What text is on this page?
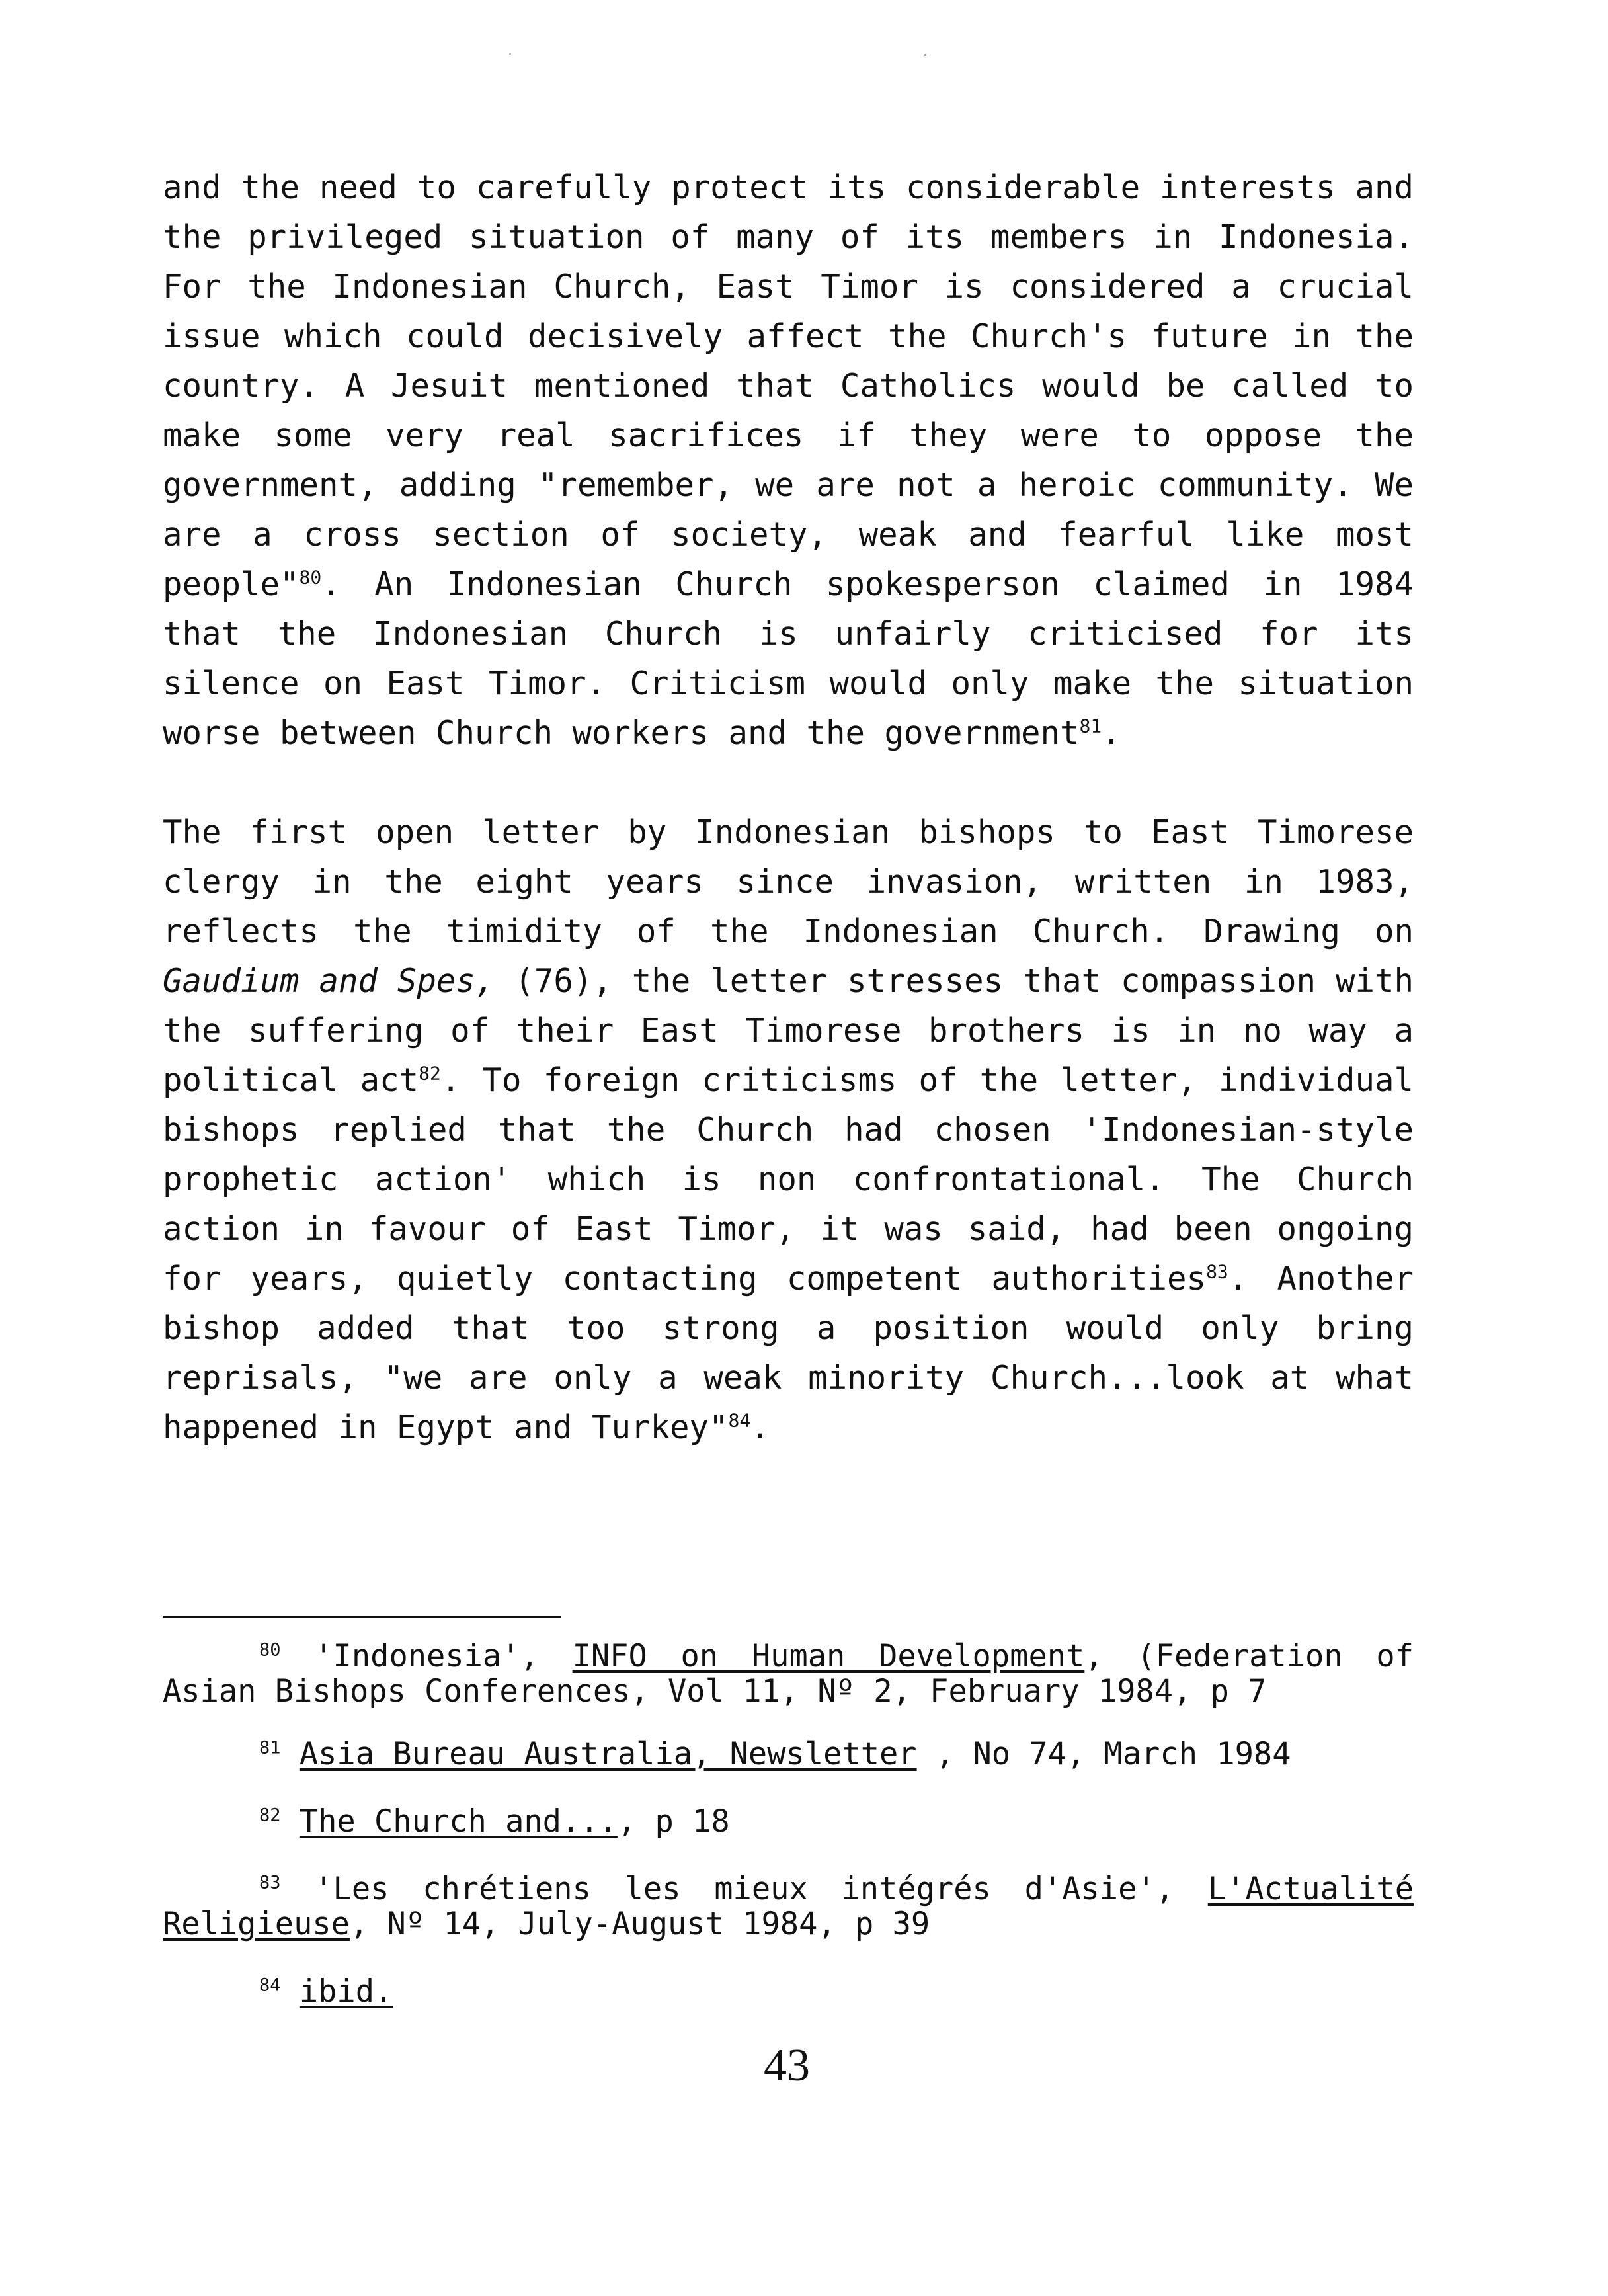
and the need to carefully protect its considerable interests and the privileged situation of many of its members in Indonesia. For the Indonesian Church, East Timor is considered a crucial issue which could decisively affect the Church's future in the country. A Jesuit mentioned that Catholics would be called to make some very real sacrifices if they were to oppose the government, adding "remember, we are not a heroic community. We are a cross section of society, weak and fearful like most people"$^{80}$. An Indonesian Church spokesperson claimed in 1984 that the Indonesian Church is unfairly criticised for its silence on East Timor. Criticism would only make the situation worse between Church workers and the government$^{81}$.

The first open letter by Indonesian bishops to East Timorese clergy in the eight years since invasion, written in 1983, reflects the timidity of the Indonesian Church. Drawing on Gaudium and Spes, (76), the letter stresses that compassion with the suffering of their East Timorese brothers is in no way a political act$^{82}$. To foreign criticisms of the letter, individual bishops replied that the Church had chosen 'Indonesian-style prophetic action' which is non confrontational. The Church action in favour of East Timor, it was said, had been ongoing for years, quietly contacting competent authorities$^{83}$. Another bishop added that too strong a position would only bring reprisals, "we are only a weak minority Church...look at what happened in Egypt and Turkey"$^{84}$.

$^{80}$ 'Indonesia', INFO on Human Development, (Federation of Asian Bishops Conferences, Vol 11, Nº 2, February 1984, p 7

$^{81}$ Asia Bureau Australia, Newsletter , No 74, March 1984

$^{82}$ The Church and..., p 18

$^{83}$ 'Les chrétiens les mieux intégrés d'Asie', L'Actualité Religieuse, Nº 14, July-August 1984, p 39

$^{84}$ ibid.

43
